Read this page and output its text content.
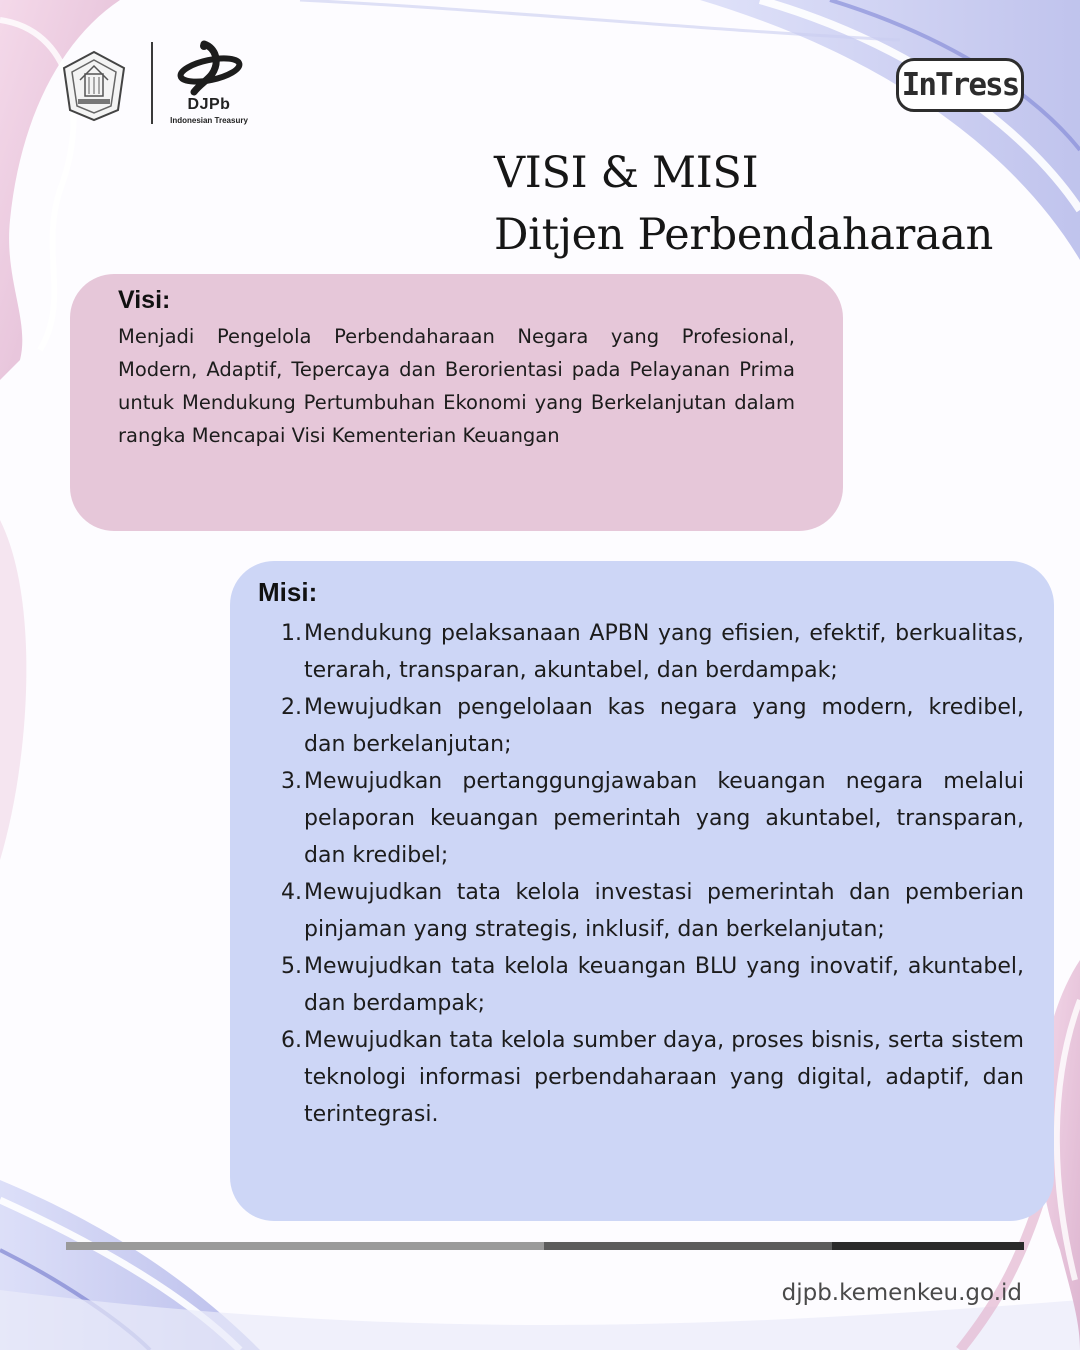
DJPb
Indonesian Treasury
InTress
VISI & MISI
Ditjen Perbendaharaan
Visi:
Menjadi Pengelola Perbendaharaan Negara yang Profesional, Modern, Adaptif, Tepercaya dan Berorientasi pada Pelayanan Prima untuk Mendukung Pertumbuhan Ekonomi yang Berkelanjutan dalam rangka Mencapai Visi Kementerian Keuangan
Misi:
1. Mendukung pelaksanaan APBN yang efisien, efektif, berkualitas, terarah, transparan, akuntabel, dan berdampak;
2. Mewujudkan pengelolaan kas negara yang modern, kredibel, dan berkelanjutan;
3. Mewujudkan pertanggungjawaban keuangan negara melalui pelaporan keuangan pemerintah yang akuntabel, transparan, dan kredibel;
4. Mewujudkan tata kelola investasi pemerintah dan pemberian pinjaman yang strategis, inklusif, dan berkelanjutan;
5. Mewujudkan tata kelola keuangan BLU yang inovatif, akuntabel, dan berdampak;
6. Mewujudkan tata kelola sumber daya, proses bisnis, serta sistem teknologi informasi perbendaharaan yang digital, adaptif, dan terintegrasi.
djpb.kemenkeu.go.id
